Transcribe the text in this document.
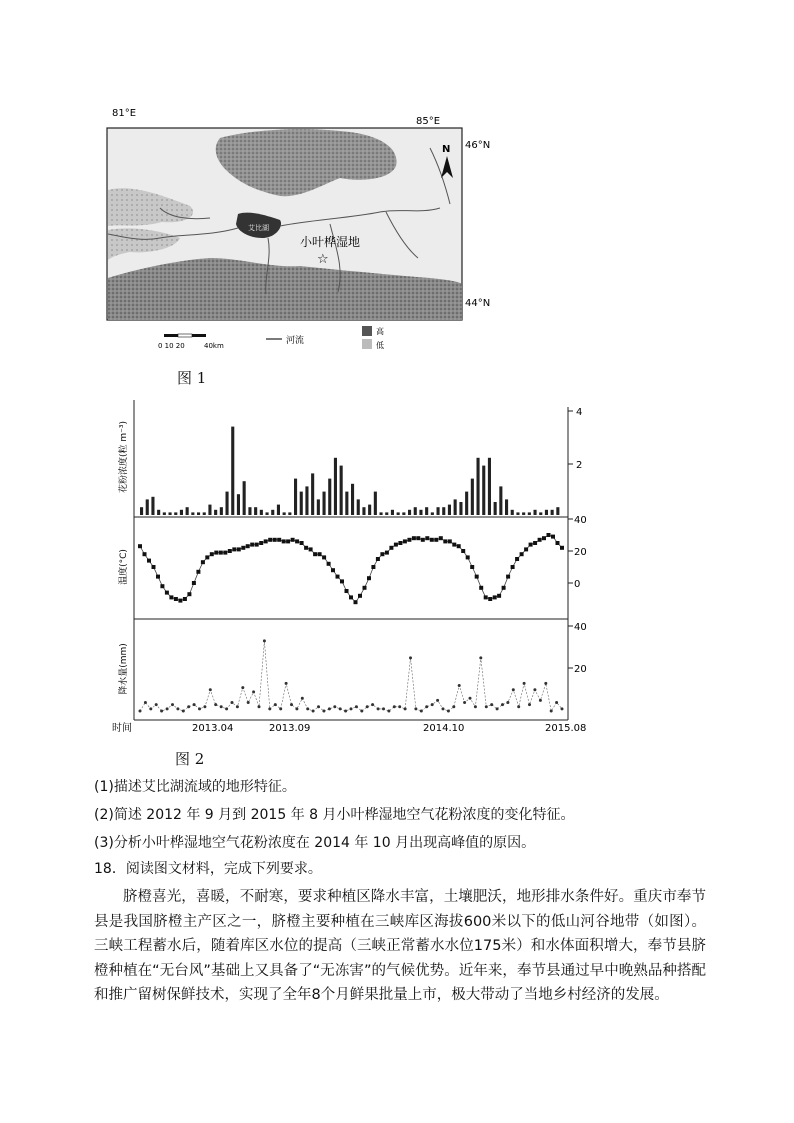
81°E
85°E
艾比湖
N 46°N
44°N
小叶桦湿地
☆
0 10 20	40km	河流
高
低
图 1
4
2
40
20
0
40
20
花粉浓度(粒 m⁻³)
温度(°C)
降水量(mm)
时间	2013.04	2013.09	2014.10	2015.08
图 2
(1)描述艾比湖流域的地形特征。
(2)简述 2012 年 9 月到 2015 年 8 月小叶桦湿地空气花粉浓度的变化特征。
(3)分析小叶桦湿地空气花粉浓度在 2014 年 10 月出现高峰值的原因。
18．阅读图文材料，完成下列要求。
脐橙喜光，喜暖，不耐寒，要求种植区降水丰富，土壤肥沃，地形排水条件好。重庆市奉节县是我国脐橙主产区之一，脐橙主要种植在三峡库区海拔600米以下的低山河谷地带（如图）。三峡工程蓄水后，随着库区水位的提高（三峡正常蓄水水位175米）和水体面积增大，奉节县脐橙种植在“无台风”基础上又具备了“无冻害”的气候优势。近年来，奉节县通过早中晚熟品种搭配和推广留树保鲜技术，实现了全年8个月鲜果批量上市，极大带动了当地乡村经济的发展。
